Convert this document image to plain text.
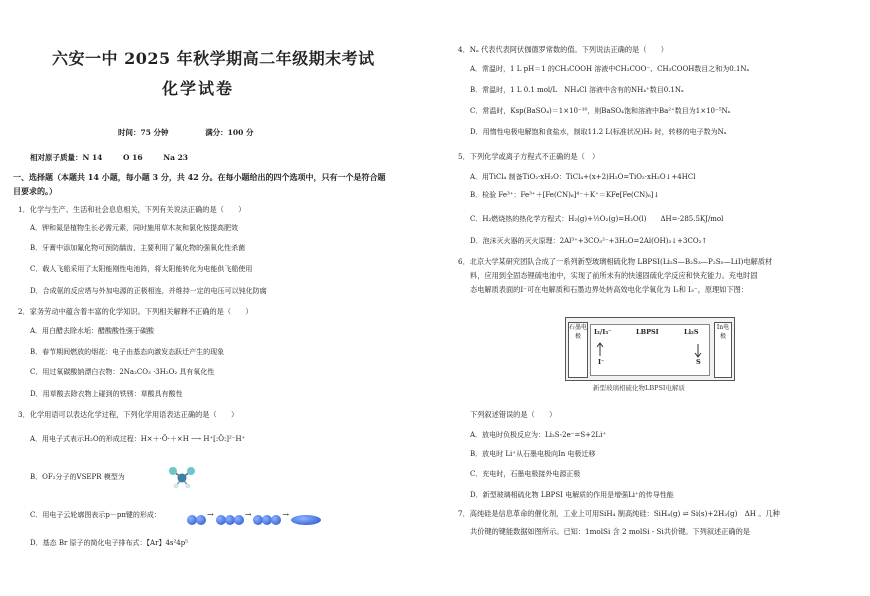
六安一中 2025 年秋学期高二年级期末考试
化学试卷
时间：75 分钟	满分：100 分
相对原子质量：N 14	O 16	Na 23
一、选择题（本题共 14 小题，每小题 3 分，共 42 分。在每小题给出的四个选项中，只有一个是符合题目要求的。）
1．化学与生产、生活和社会息息相关，下列有关说法正确的是（　　）
A．钾和氮是植物生长必需元素，同时施用草木灰和氯化铵提高肥效
B．牙膏中添加氟化物可预防龋齿，主要利用了氟化物的强氧化性杀菌
C．载人飞船采用了太阳能刚性电池阵，将太阳能转化为电能供飞船使用
D．合成氨的反应塔与外加电源的正极相连，并维持一定的电压可以钝化防腐
2．家务劳动中蕴含着丰富的化学知识。下列相关解释不正确的是（　　）
A．用白醋去除水垢：醋酸酸性强于碳酸
B．春节期间燃放的烟花：电子由基态向激发态跃迁产生的现象
C．用过氧碳酸钠漂白衣物：2Na₂CO₃ ·3H₂O₂ 具有氧化性
D．用草酸去除衣物上碰到的铁锈：草酸具有酸性
3．化学用语可以表达化学过程，下列化学用语表达正确的是（　　）
A．用电子式表示H₂O的形成过程：H×＋·Ö·＋×H ⟶ H⁺[:Ö:]²⁻H⁺
B．OF₂分子的VSEPR 模型为
C．用电子云轮廓图表示p－pπ键的形成：	→	→	→
D．基态 Br 原子的简化电子排布式：【Ar】4s²4p⁵
4．Nₐ 代表代表阿伏伽德罗常数的值。下列说法正确的是（　　）
A．常温时，1 L pH＝1 的CH₃COOH 溶液中CH₃COO⁻、CH₃COOH数目之和为0.1Nₐ
B．常温时，1 L 0.1 mol/L　NH₄Cl 溶液中含有的NH₄⁺数目0.1Nₐ
C．常温时，Ksp(BaSO₄)＝1×10⁻¹⁰，则BaSO₄饱和溶液中Ba²⁺数目为1×10⁻⁵Nₐ
D．用惰性电极电解饱和食盐水，制取11.2 L(标准状况)H₂ 时，转移的电子数为Nₐ
5．下列化学或离子方程式不正确的是（　）
A．用TiCl₄ 制备TiO₂·xH₂O：TiCl₄+(x+2)H₂O=TiO₂·xH₂O↓+4HCl
B．检验 Fe³⁺：Fe³⁺＋[Fe(CN)₆]⁴⁻＋K⁺＝KFe[Fe(CN)₆]↓
C．H₂燃烧热的热化学方程式：H₂(g)+½O₂(g)=H₂O(l)　　ΔH=-285.5KJ/mol
D．泡沫灭火器的灭火原理：2Al³⁺+3CO₃²⁻+3H₂O=2Al(OH)₃↓+3CO₂↑
6．北京大学某研究团队合成了一系列新型玻璃相硫化物 LBPSI(Li₂S—B₂S₃—P₂S₅—LiI)电解质材
料，应用到全固态锂硫电池中，实现了前所未有的快速固硫化学反应和快充能力。充电时固
态电解质表面的I⁻可在电解质和石墨边界处转高效电化学氧化为 I₂和 I₃⁻，原理如下图：
石墨电极
In电极
I₂/I₃⁻	LBPSI	Li₂S
I⁻	S
新型玻璃相硫化物LBPSI电解质
下列叙述错误的是（　　）
A．放电时负极反应为：Li₂S-2e⁻=S+2Li⁺
B．放电时 Li⁺从石墨电极向In 电极迁移
C．充电时，石墨电极接外电源正极
D．新型玻璃相硫化物 LBPSI 电解质的作用是增强Li⁺的传导性能
7．高纯硅是信息革命的催化剂，工业上可用SiH₄ 制高纯硅：SiH₄(g) ⇌ Si(s)+2H₂(g)　ΔH 。几种
共价键的键能数据如图所示。已知：1molSi 含 2 molSi - Si共价键。下列叙述正确的是
